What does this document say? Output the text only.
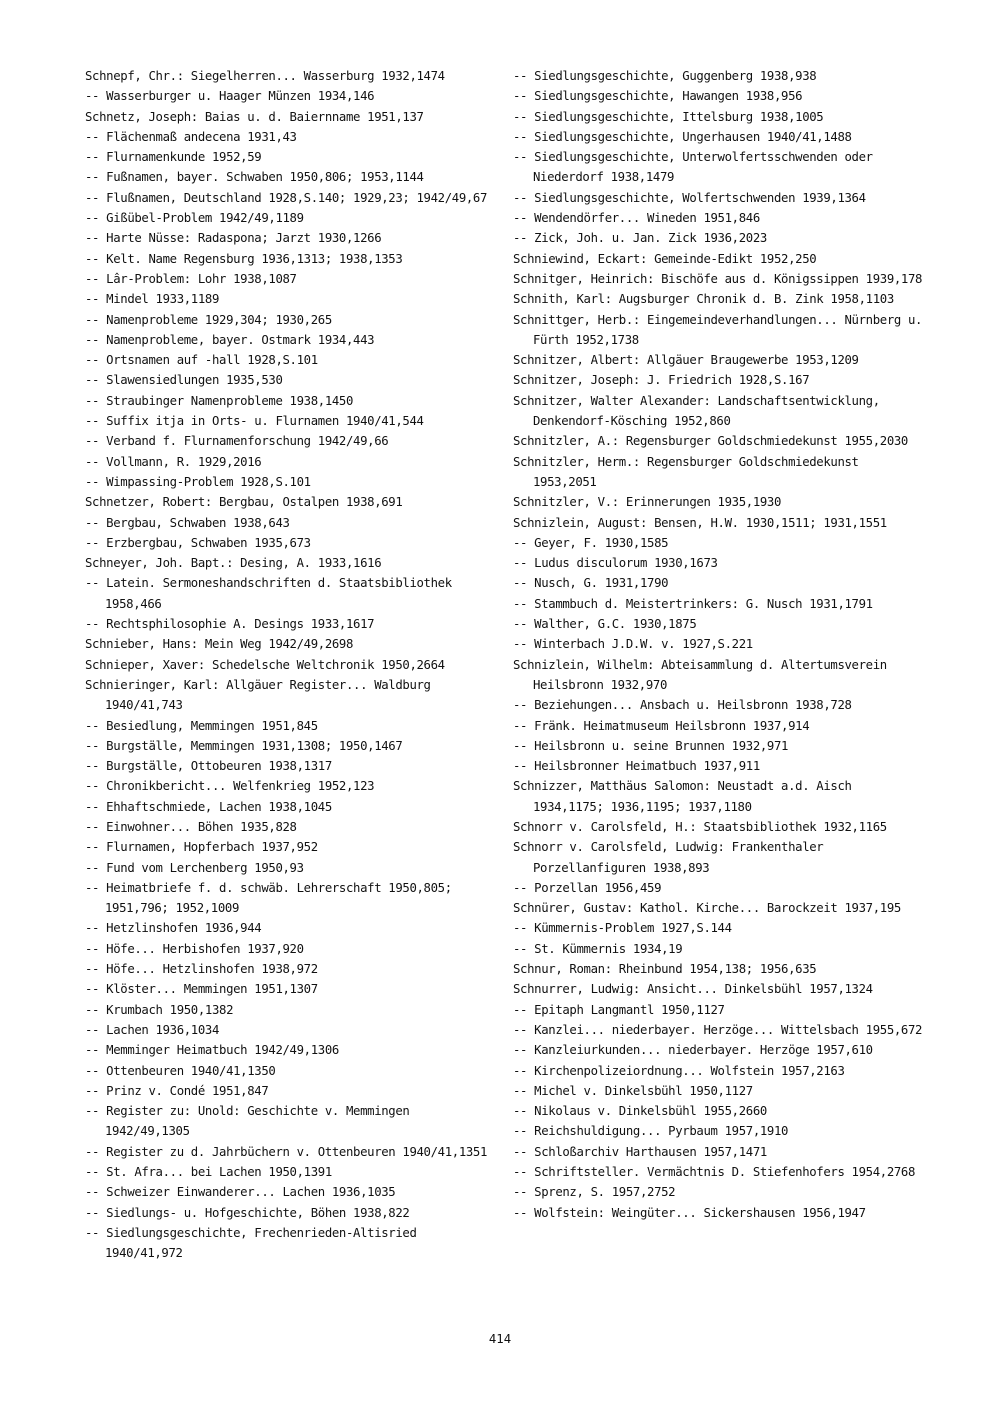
Schnepf, Chr.: Siegelherren... Wasserburg 1932,1474
-- Wasserburger u. Haager Münzen 1934,146
Schnetz, Joseph: Baias u. d. Baiernname 1951,137
-- Flächenmaß andecena 1931,43
-- Flurnamenkunde 1952,59
-- Fußnamen, bayer. Schwaben 1950,806; 1953,1144
-- Flußnamen, Deutschland 1928,S.140; 1929,23; 1942/49,67
-- Gißübel-Problem 1942/49,1189
-- Harte Nüsse: Radaspona; Jarzt 1930,1266
-- Kelt. Name Regensburg 1936,1313; 1938,1353
-- Lâr-Problem: Lohr 1938,1087
-- Mindel 1933,1189
-- Namenprobleme 1929,304; 1930,265
-- Namenprobleme, bayer. Ostmark 1934,443
-- Ortsnamen auf -hall 1928,S.101
-- Slawensiedlungen 1935,530
-- Straubinger Namenprobleme 1938,1450
-- Suffix itja in Orts- u. Flurnamen 1940/41,544
-- Verband f. Flurnamenforschung 1942/49,66
-- Vollmann, R. 1929,2016
-- Wimpassing-Problem 1928,S.101
Schnetzer, Robert: Bergbau, Ostalpen 1938,691
-- Bergbau, Schwaben 1938,643
-- Erzbergbau, Schwaben 1935,673
Schneyer, Joh. Bapt.: Desing, A. 1933,1616
-- Latein. Sermoneshandschriften d. Staatsbibliothek 1958,466
-- Rechtsphilosophie A. Desings 1933,1617
Schnieber, Hans: Mein Weg 1942/49,2698
Schnieper, Xaver: Schedelsche Weltchronik 1950,2664
Schnieringer, Karl: Allgäuer Register... Waldburg 1940/41,743
-- Besiedlung, Memmingen 1951,845
-- Burgställe, Memmingen 1931,1308; 1950,1467
-- Burgställe, Ottobeuren 1938,1317
-- Chronikbericht... Welfenkrieg 1952,123
-- Ehhaftschmiede, Lachen 1938,1045
-- Einwohner... Böhen 1935,828
-- Flurnamen, Hopferbach 1937,952
-- Fund vom Lerchenberg 1950,93
-- Heimatbriefe f. d. schwäb. Lehrerschaft 1950,805; 1951,796; 1952,1009
-- Hetzlinshofen 1936,944
-- Höfe... Herbishofen 1937,920
-- Höfe... Hetzlinshofen 1938,972
-- Klöster... Memmingen 1951,1307
-- Krumbach 1950,1382
-- Lachen 1936,1034
-- Memminger Heimatbuch 1942/49,1306
-- Ottenbeuren 1940/41,1350
-- Prinz v. Condé 1951,847
-- Register zu: Unold: Geschichte v. Memmingen 1942/49,1305
-- Register zu d. Jahrbüchern v. Ottenbeuren 1940/41,1351
-- St. Afra... bei Lachen 1950,1391
-- Schweizer Einwanderer... Lachen 1936,1035
-- Siedlungs- u. Hofgeschichte, Böhen 1938,822
-- Siedlungsgeschichte, Frechenrieden-Altisried 1940/41,972
-- Siedlungsgeschichte, Guggenberg 1938,938
-- Siedlungsgeschichte, Hawangen 1938,956
-- Siedlungsgeschichte, Ittelsburg 1938,1005
-- Siedlungsgeschichte, Ungerhausen 1940/41,1488
-- Siedlungsgeschichte, Unterwolfertsschwenden oder Niederdorf 1938,1479
-- Siedlungsgeschichte, Wolfertschwenden 1939,1364
-- Wendendörfer... Wineden 1951,846
-- Zick, Joh. u. Jan. Zick 1936,2023
Schniewind, Eckart: Gemeinde-Edikt 1952,250
Schnitger, Heinrich: Bischöfe aus d. Königssippen 1939,178
Schnith, Karl: Augsburger Chronik d. B. Zink 1958,1103
Schnittger, Herb.: Eingemeindeverhandlungen... Nürnberg u. Fürth 1952,1738
Schnitzer, Albert: Allgäuer Braugewerbe 1953,1209
Schnitzer, Joseph: J. Friedrich 1928,S.167
Schnitzer, Walter Alexander: Landschaftsentwicklung, Denkendorf-Kösching 1952,860
Schnitzler, A.: Regensburger Goldschmiedekunst 1955,2030
Schnitzler, Herm.: Regensburger Goldschmiedekunst 1953,2051
Schnitzler, V.: Erinnerungen 1935,1930
Schnizlein, August: Bensen, H.W. 1930,1511; 1931,1551
-- Geyer, F. 1930,1585
-- Ludus disculorum 1930,1673
-- Nusch, G. 1931,1790
-- Stammbuch d. Meistertrinkers: G. Nusch 1931,1791
-- Walther, G.C. 1930,1875
-- Winterbach J.D.W. v. 1927,S.221
Schnizlein, Wilhelm: Abteisammlung d. Altertumsverein Heilsbronn 1932,970
-- Beziehungen... Ansbach u. Heilsbronn 1938,728
-- Fränk. Heimatmuseum Heilsbronn 1937,914
-- Heilsbronn u. seine Brunnen 1932,971
-- Heilsbronner Heimatbuch 1937,911
Schnizzer, Matthäus Salomon: Neustadt a.d. Aisch 1934,1175; 1936,1195; 1937,1180
Schnorr v. Carolsfeld, H.: Staatsbibliothek 1932,1165
Schnorr v. Carolsfeld, Ludwig: Frankenthaler Porzellanfiguren 1938,893
-- Porzellan 1956,459
Schnürer, Gustav: Kathol. Kirche... Barockzeit 1937,195
-- Kümmernis-Problem 1927,S.144
-- St. Kümmernis 1934,19
Schnur, Roman: Rheinbund 1954,138; 1956,635
Schnurrer, Ludwig: Ansicht... Dinkelsbühl 1957,1324
-- Epitaph Langmantl 1950,1127
-- Kanzlei... niederbayer. Herzöge... Wittelsbach 1955,672
-- Kanzleiurkunden... niederbayer. Herzöge 1957,610
-- Kirchenpolizeiordnung... Wolfstein 1957,2163
-- Michel v. Dinkelsbühl 1950,1127
-- Nikolaus v. Dinkelsbühl 1955,2660
-- Reichshuldigung... Pyrbaum 1957,1910
-- Schloßarchiv Harthausen 1957,1471
-- Schriftsteller. Vermächtnis D. Stiefenhofers 1954,2768
-- Sprenz, S. 1957,2752
-- Wolfstein: Weingüter... Sickershausen 1956,1947
414
